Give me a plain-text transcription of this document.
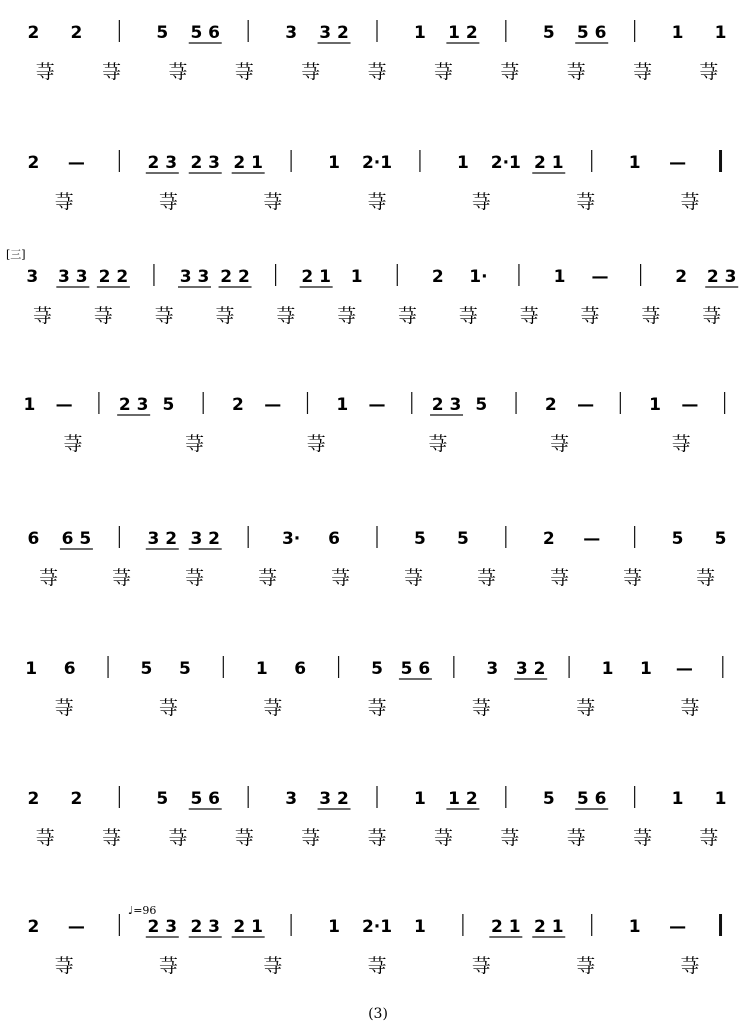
[三]
♩=96
(3)
2 2	5 5 6	3 3 2	1 1 2	5 5 6	1 1
䒭 䒭 䒭 䒭 䒭 䒭 䒭 䒭 䒭 䒭 䒭
2 —	2 3 2 3 2 1	1 2·1	1 2·1 2 1	1 —
䒭	䒭	䒭	䒭	䒭	䒭	䒭
3 3 3 2 2	3 3 2 2	2 1 1	2 1·	1 —	2 2 3
䒭 䒭 䒭 䒭 䒭 䒭 䒭 䒭 䒭 䒭 䒭 䒭
1 —	2 3 5	2 —	1 —	2 3 5	2 —	1 —
䒭	䒭	䒭	䒭	䒭	䒭
6 6 5	3 2 3 2	3· 6	5 5	2 —	5 5
䒭	䒭	䒭	䒭	䒭	䒭	䒭	䒭	䒭	䒭
1 6	5 5	1 6	5 5 6	3 3 2	1 1 —
䒭	䒭	䒭	䒭	䒭	䒭	䒭
2 2	5 5 6	3 3 2	1 1 2	5 5 6	1 1
䒭 䒭 䒭 䒭 䒭 䒭 䒭 䒭 䒭 䒭 䒭
2 —	2 3 2 3 2 1	1 2·1 1	2 1 2 1	1 —
䒭	䒭	䒭	䒭	䒭	䒭	䒭
